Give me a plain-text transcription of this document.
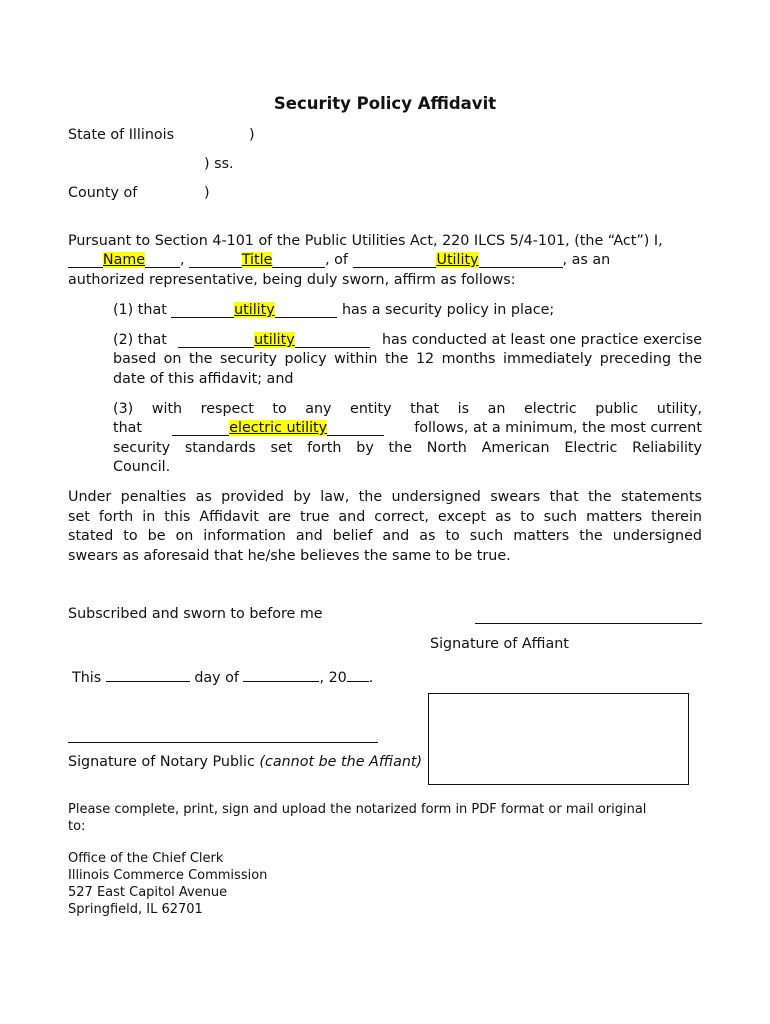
Security Policy Affidavit
State of Illinois	)
) ss.
County of	)
Pursuant to Section 4-101 of the Public Utilities Act, 220 ILCS 5/4-101, (the “Act”) I,
Name ,	Title	, of	Utility	, as an
authorized representative, being duly sworn, affirm as follows:
(1) that	utility	has a security policy in place;
(2) that	utility	has conducted at least one practice exercise
based on the security policy within the 12 months immediately preceding the
date of this affidavit; and
(3) with respect to any entity that is an electric public utility,
that	electric utility	follows, at a minimum, the most current
security standards set forth by the North American Electric Reliability
Council.
Under penalties as provided by law, the undersigned swears that the statements
set forth in this Affidavit are true and correct, except as to such matters therein
stated to be on information and belief and as to such matters the undersigned
swears as aforesaid that he/she believes the same to be true.
Subscribed and sworn to before me
Signature of Affiant
This	day of	, 20 .
Signature of Notary Public (cannot be the Affiant)
Please complete, print, sign and upload the notarized form in PDF format or mail original
to:
Office of the Chief Clerk
Illinois Commerce Commission
527 East Capitol Avenue
Springfield, IL 62701
